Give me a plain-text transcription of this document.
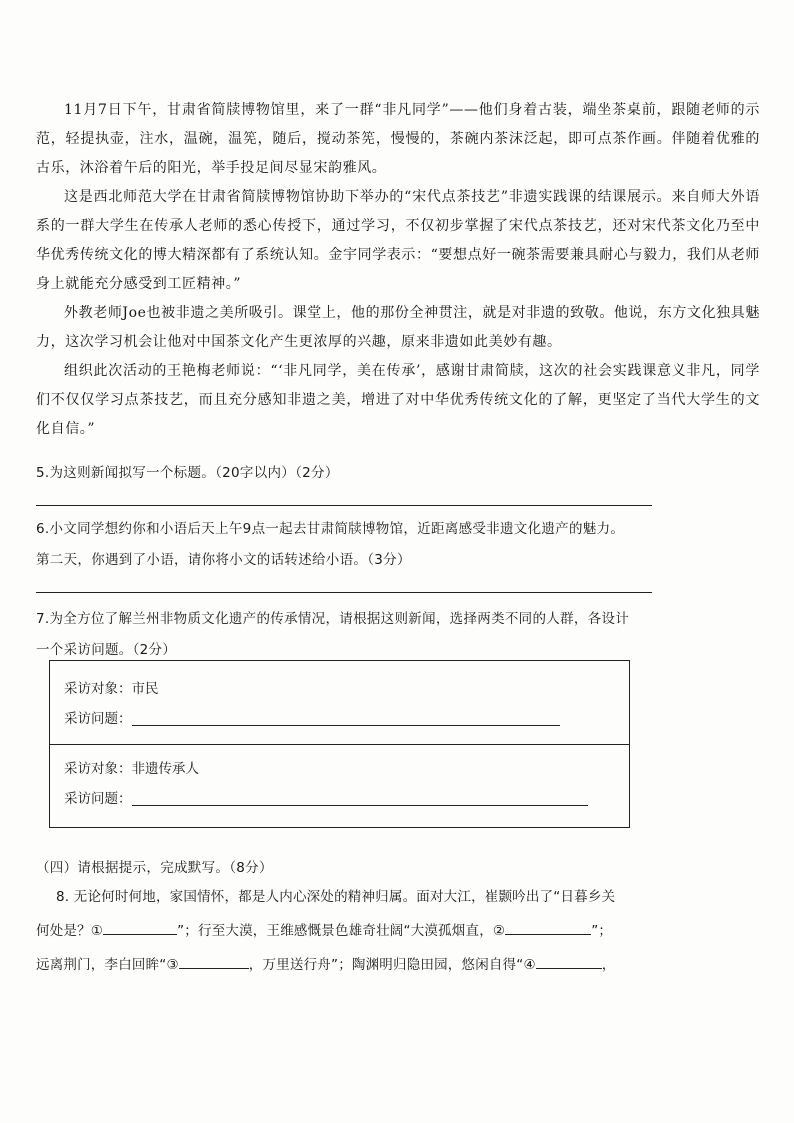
11月7日下午，甘肃省简牍博物馆里，来了一群“非凡同学”——他们身着古装，端坐茶桌前，跟随老师的示范，轻提执壶，注水，温碗，温筅，随后，搅动茶筅，慢慢的，茶碗内茶沫泛起，即可点茶作画。伴随着优雅的古乐，沐浴着午后的阳光，举手投足间尽显宋韵雅风。

这是西北师范大学在甘肃省简牍博物馆协助下举办的“宋代点茶技艺”非遗实践课的结课展示。来自师大外语系的一群大学生在传承人老师的悉心传授下，通过学习，不仅初步掌握了宋代点茶技艺，还对宋代茶文化乃至中华优秀传统文化的博大精深都有了系统认知。金宇同学表示：“要想点好一碗茶需要兼具耐心与毅力，我们从老师身上就能充分感受到工匠精神。”

外教老师Joe也被非遗之美所吸引。课堂上，他的那份全神贯注，就是对非遗的致敬。他说，东方文化独具魅力，这次学习机会让他对中国茶文化产生更浓厚的兴趣，原来非遗如此美妙有趣。

组织此次活动的王艳梅老师说：“‘非凡同学，美在传承’，感谢甘肃简牍，这次的社会实践课意义非凡，同学们不仅仅学习点茶技艺，而且充分感知非遗之美，增进了对中华优秀传统文化的了解，更坚定了当代大学生的文化自信。”

5.为这则新闻拟写一个标题。（20字以内）（2分）
6.小文同学想约你和小语后天上午9点一起去甘肃简牍博物馆，近距离感受非遗文化遗产的魅力。
第二天，你遇到了小语，请你将小文的话转述给小语。（3分）
7.为全方位了解兰州非物质文化遗产的传承情况，请根据这则新闻，选择两类不同的人群，各设计
一个采访问题。（2分）
采访对象：市民
采访问题：
采访对象：非遗传承人
采访问题：
（四）请根据提示，完成默写。（8分）
8. 无论何时何地，家国情怀，都是人内心深处的精神归属。面对大江，崔颢吟出了“日暮乡关
何处是？①	”；行至大漠，王维感慨景色雄奇壮阔“大漠孤烟直，②	”；
远离荆门，李白回眸“③	，万里送行舟”；陶渊明归隐田园，悠闲自得“④	，
